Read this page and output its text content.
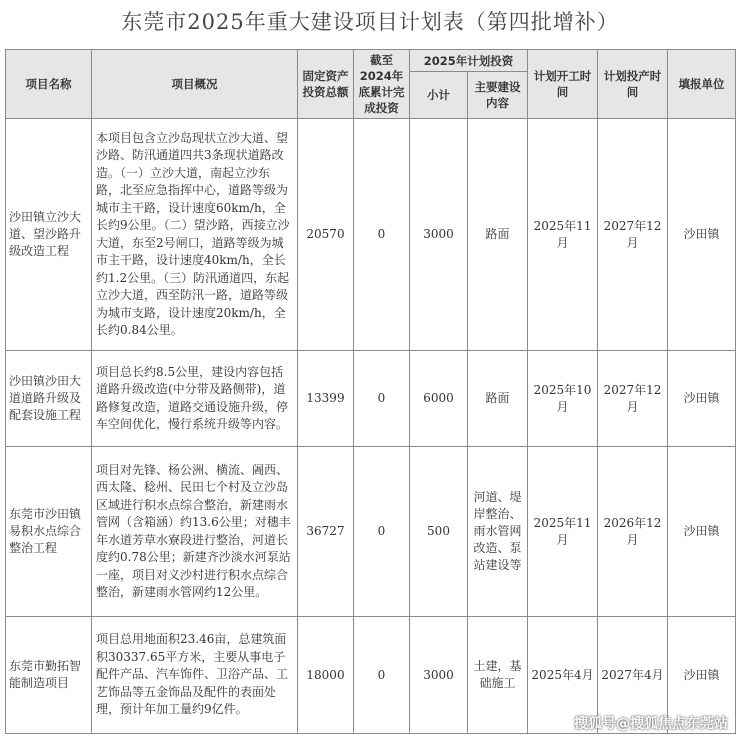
东莞市2025年重大建设项目计划表（第四批增补）
项目名称	项目概况	固定资产投资总额	截至2024年底累计完成投资	2025年计划投资		计划开工时间	计划投产时间	填报单位
				小计	主要建设内容			
沙田镇立沙大道、望沙路升级改造工程	本项目包含立沙岛现状立沙大道、望沙路、防汛通道四共3条现状道路改造。（一）立沙大道，南起立沙东路，北至应急指挥中心，道路等级为城市主干路，设计速度60km/h，全长约9公里。（二）望沙路，西接立沙大道，东至2号闸口，道路等级为城市主干路，设计速度40km/h，全长约1.2公里。（三）防汛通道四，东起立沙大道，西至防汛一路，道路等级为城市支路，设计速度20km/h，全长约0.84公里。	20570	0	3000	路面	2025年11月	2027年12月	沙田镇
沙田镇沙田大道道路升级及配套设施工程	项目总长约8.5公里，建设内容包括道路升级改造(中分带及路侧带)，道路修复改造，道路交通设施升级，停车空间优化，慢行系统升级等内容。	13399	0	6000	路面	2025年10月	2027年12月	沙田镇
东莞市沙田镇易积水点综合整治工程	项目对先锋、杨公洲、横流、阇西、西太隆、稔州、民田七个村及立沙岛区域进行积水点综合整治，新建雨水管网（含箱涵）约13.6公里；对穗丰年水道芳草水寮段进行整治，河道长度约0.78公里；新建齐沙淡水河泵站一座，项目对义沙村进行积水点综合整治，新建雨水管网约12公里。	36727	0	500	河道、堤岸整治、雨水管网改造、泵站建设等	2025年11月	2026年12月	沙田镇
东莞市勤拓智能制造项目	项目总用地面积23.46亩，总建筑面积30337.65平方米，主要从事电子配件产品、汽车饰件、卫浴产品、工艺饰品等五金饰品及配件的表面处理，预计年加工量约9亿件。	18000	0	3000	土建，基础施工	2025年4月	2027年4月	沙田镇
搜狐号@搜狐焦点东莞站
